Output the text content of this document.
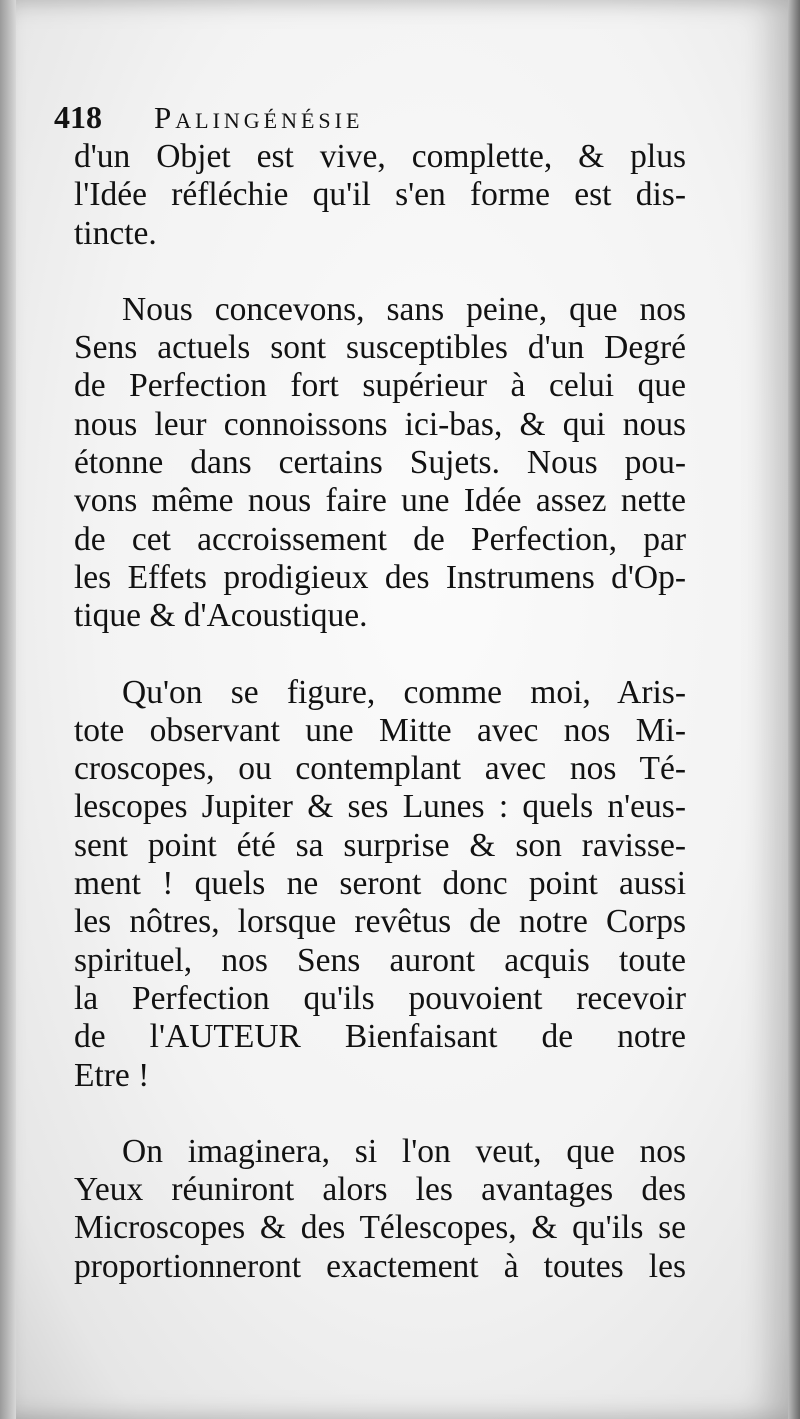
418	Palingénésie
d'un Objet est vive, complette, & plus
l'Idée réfléchie qu'il s'en forme est dis-
tincte.
Nous concevons, sans peine, que nos
Sens actuels sont susceptibles d'un Degré
de Perfection fort supérieur à celui que
nous leur connoissons ici-bas, & qui nous
étonne dans certains Sujets. Nous pou-
vons même nous faire une Idée assez nette
de cet accroissement de Perfection, par
les Effets prodigieux des Instrumens d'Op-
tique & d'Acoustique.
Qu'on se figure, comme moi, Aris-
tote observant une Mitte avec nos Mi-
croscopes, ou contemplant avec nos Té-
lescopes Jupiter & ses Lunes : quels n'eus-
sent point été sa surprise & son ravisse-
ment ! quels ne seront donc point aussi
les nôtres, lorsque revêtus de notre Corps
spirituel, nos Sens auront acquis toute
la Perfection qu'ils pouvoient recevoir
de l'AUTEUR Bienfaisant de notre
Etre !
On imaginera, si l'on veut, que nos
Yeux réuniront alors les avantages des
Microscopes & des Télescopes, & qu'ils se
proportionneront exactement à toutes les
